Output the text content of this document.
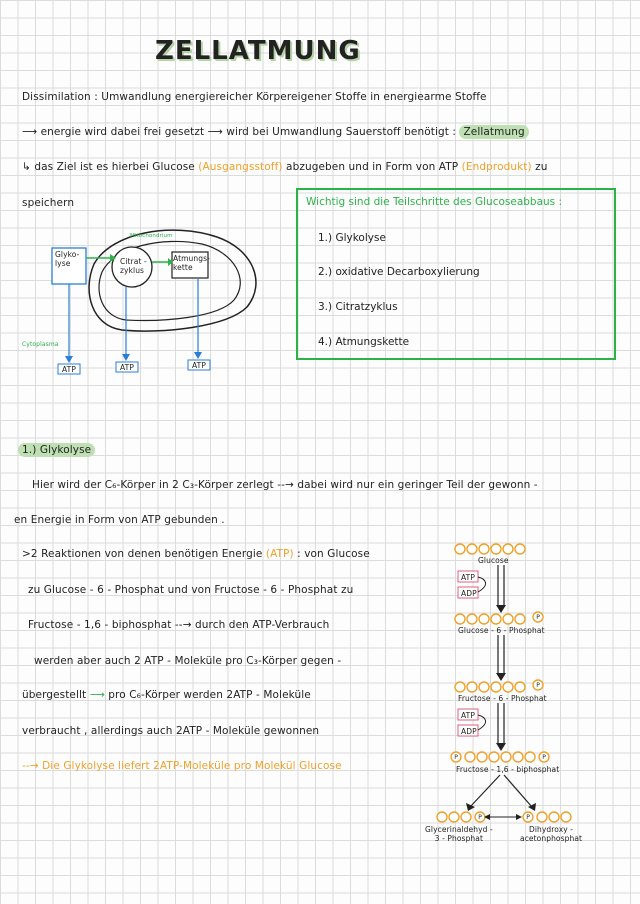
ZELLATMUNG
Dissimilation : Umwandlung energiereicher Körpereigener Stoffe in energiearme Stoffe
⟶ energie wird dabei frei gesetzt ⟶ wird bei Umwandlung Sauerstoff benötigt : Zellatmung
↳ das Ziel ist es hierbei Glucose (Ausgangsstoff) abzugeben und in Form von ATP (Endprodukt) zu
speichern
Glyko-
lyse	Citrat -
zyklus
Atmungs-
kette
Mitochondrium
Cytoplasma
ATP	ATP	ATP
Wichtig sind die Teilschritte des Glucoseabbaus :
1.) Glykolyse
2.) oxidative Decarboxylierung
3.) Citratzyklus
4.) Atmungskette
1.) Glykolyse
Hier wird der C₆-Körper in 2 C₃-Körper zerlegt --→ dabei wird nur ein geringer Teil der gewonn -
en Energie in Form von ATP gebunden .
>2 Reaktionen von denen benötigen Energie (ATP) : von Glucose
zu Glucose - 6 - Phosphat und von Fructose - 6 - Phosphat zu
Fructose - 1,6 - biphosphat --→ durch den ATP-Verbrauch
werden aber auch 2 ATP - Moleküle pro C₃-Körper gegen -
übergestellt ⟶ pro C₆-Körper werden 2ATP - Moleküle
verbraucht , allerdings auch 2ATP - Moleküle gewonnen
--→ Die Glykolyse liefert 2ATP-Moleküle pro Molekül Glucose
P
P
P	P
P	P
ATP
ADP
ATP
ADP
Glucose
Glucose - 6 - Phosphat
Fructose - 6 - Phosphat
Fructose - 1,6 - biphosphat
Glycerinaldehyd -
3 - Phosphat
Dihydroxy -
acetonphosphat
